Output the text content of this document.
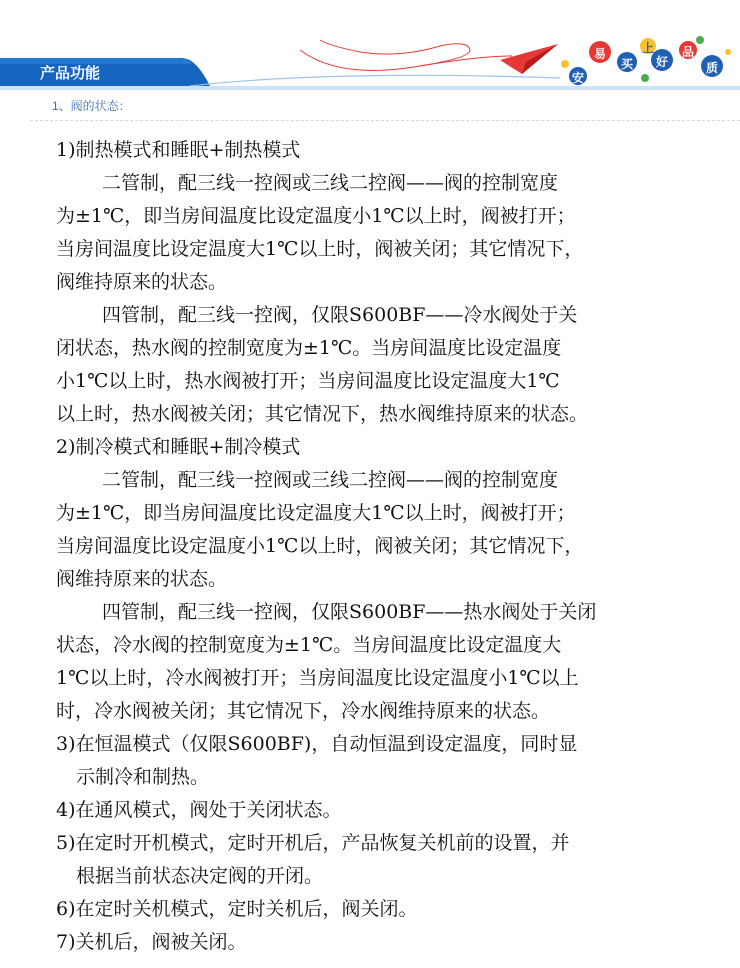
安
易
买
上
好
品
质
产品功能
1、阀的状态：
1)制热模式和睡眠+制热模式
二管制，配三线一控阀或三线二控阀——阀的控制宽度
为±1℃，即当房间温度比设定温度小1℃以上时，阀被打开；
当房间温度比设定温度大1℃以上时，阀被关闭；其它情况下，
阀维持原来的状态。
四管制，配三线一控阀，仅限S600BF——冷水阀处于关
闭状态，热水阀的控制宽度为±1℃。当房间温度比设定温度
小1℃以上时，热水阀被打开；当房间温度比设定温度大1℃
以上时，热水阀被关闭；其它情况下，热水阀维持原来的状态。
2)制冷模式和睡眠+制冷模式
二管制，配三线一控阀或三线二控阀——阀的控制宽度
为±1℃，即当房间温度比设定温度大1℃以上时，阀被打开；
当房间温度比设定温度小1℃以上时，阀被关闭；其它情况下，
阀维持原来的状态。
四管制，配三线一控阀，仅限S600BF——热水阀处于关闭
状态，冷水阀的控制宽度为±1℃。当房间温度比设定温度大
1℃以上时，冷水阀被打开；当房间温度比设定温度小1℃以上
时，冷水阀被关闭；其它情况下，冷水阀维持原来的状态。
3)在恒温模式（仅限S600BF)，自动恒温到设定温度，同时显
示制冷和制热。
4)在通风模式，阀处于关闭状态。
5)在定时开机模式，定时开机后，产品恢复关机前的设置，并
根据当前状态决定阀的开闭。
6)在定时关机模式，定时关机后，阀关闭。
7)关机后，阀被关闭。
